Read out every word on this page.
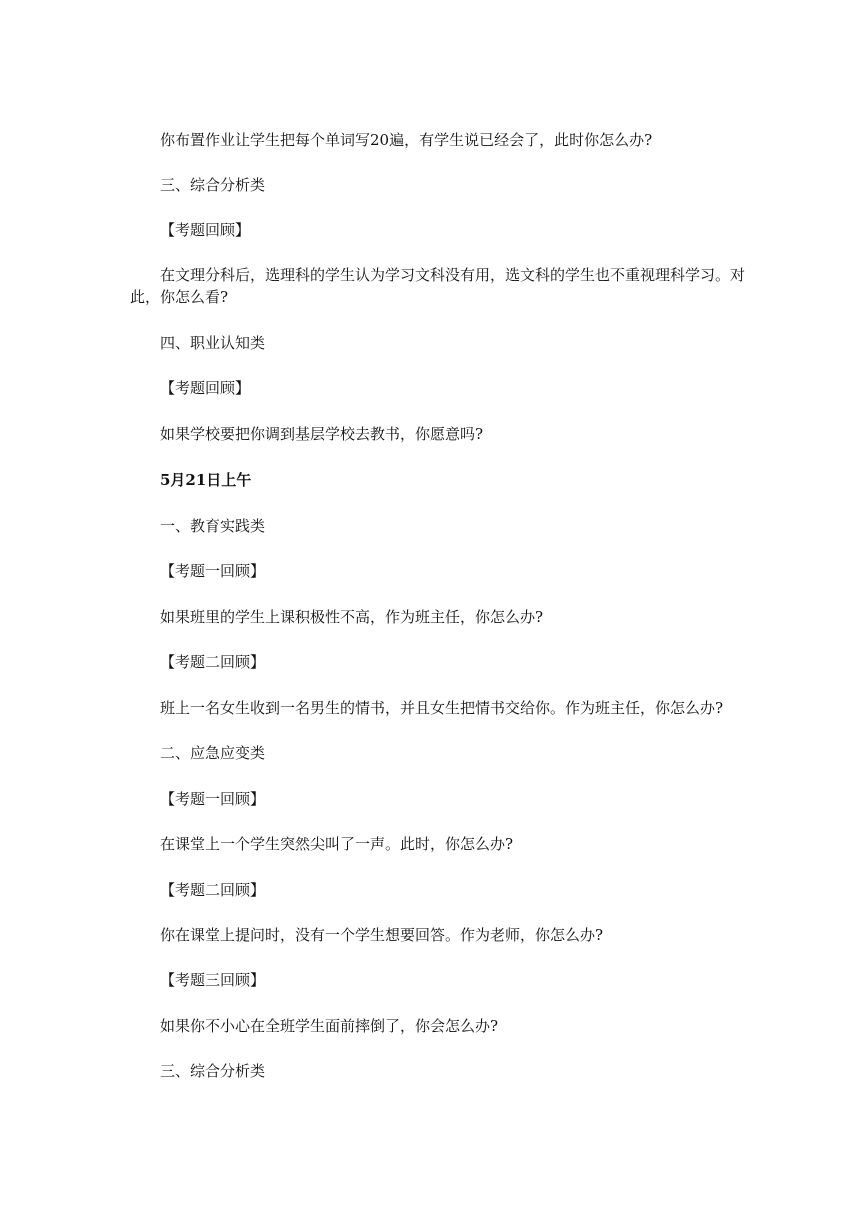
你布置作业让学生把每个单词写20遍，有学生说已经会了，此时你怎么办?
三、综合分析类
【考题回顾】
在文理分科后，选理科的学生认为学习文科没有用，选文科的学生也不重视理科学习。对此，你怎么看?
四、职业认知类
【考题回顾】
如果学校要把你调到基层学校去教书，你愿意吗?
5月21日上午
一、教育实践类
【考题一回顾】
如果班里的学生上课积极性不高，作为班主任，你怎么办?
【考题二回顾】
班上一名女生收到一名男生的情书，并且女生把情书交给你。作为班主任，你怎么办?
二、应急应变类
【考题一回顾】
在课堂上一个学生突然尖叫了一声。此时，你怎么办?
【考题二回顾】
你在课堂上提问时，没有一个学生想要回答。作为老师，你怎么办?
【考题三回顾】
如果你不小心在全班学生面前摔倒了，你会怎么办?
三、综合分析类
